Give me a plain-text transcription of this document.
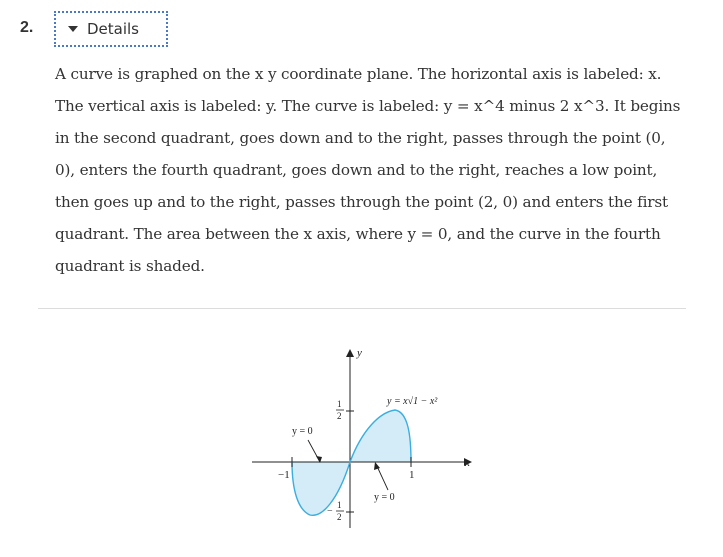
2.	Details

A curve is graphed on the x y coordinate plane. The horizontal axis is labeled: x. The vertical axis is labeled: y. The curve is labeled: y = x^4 minus 2 x^3. It begins in the second quadrant, goes down and to the right, passes through the point (0, 0), enters the fourth quadrant, goes down and to the right, reaches a low point, then goes up and to the right, passes through the point (2, 0) and enters the first quadrant. The area between the x axis, where y = 0, and the curve in the fourth quadrant is shaded.

−1	1
1
2
−
1
2
x
y
y = x√1 − x²
y = 0
y = 0
